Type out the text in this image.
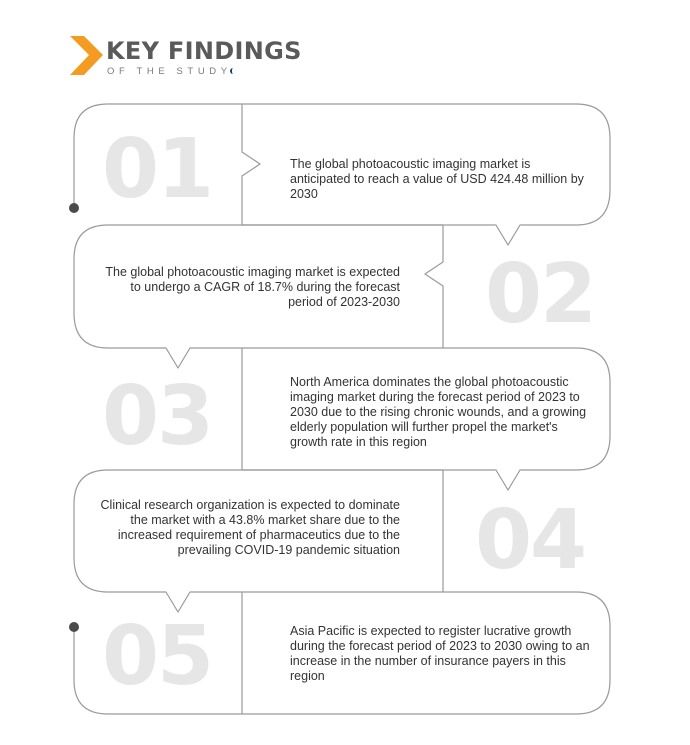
KEY FINDINGS
OF THE STUDY
01	The global photoacoustic imaging market is anticipated to reach a value of USD 424.48 million by 2030
02
The global photoacoustic imaging market is expected to undergo a CAGR of 18.7% during the forecast period of 2023-2030
03	North America dominates the global photoacoustic imaging market during the forecast period of 2023 to 2030 due to the rising chronic wounds, and a growing elderly population will further propel the market's growth rate in this region
04
Clinical research organization is expected to dominate the market with a 43.8% market share due to the increased requirement of pharmaceutics due to the prevailing COVID-19 pandemic situation
05	Asia Pacific is expected to register lucrative growth during the forecast period of 2023 to 2030 owing to an increase in the number of insurance payers in this region
